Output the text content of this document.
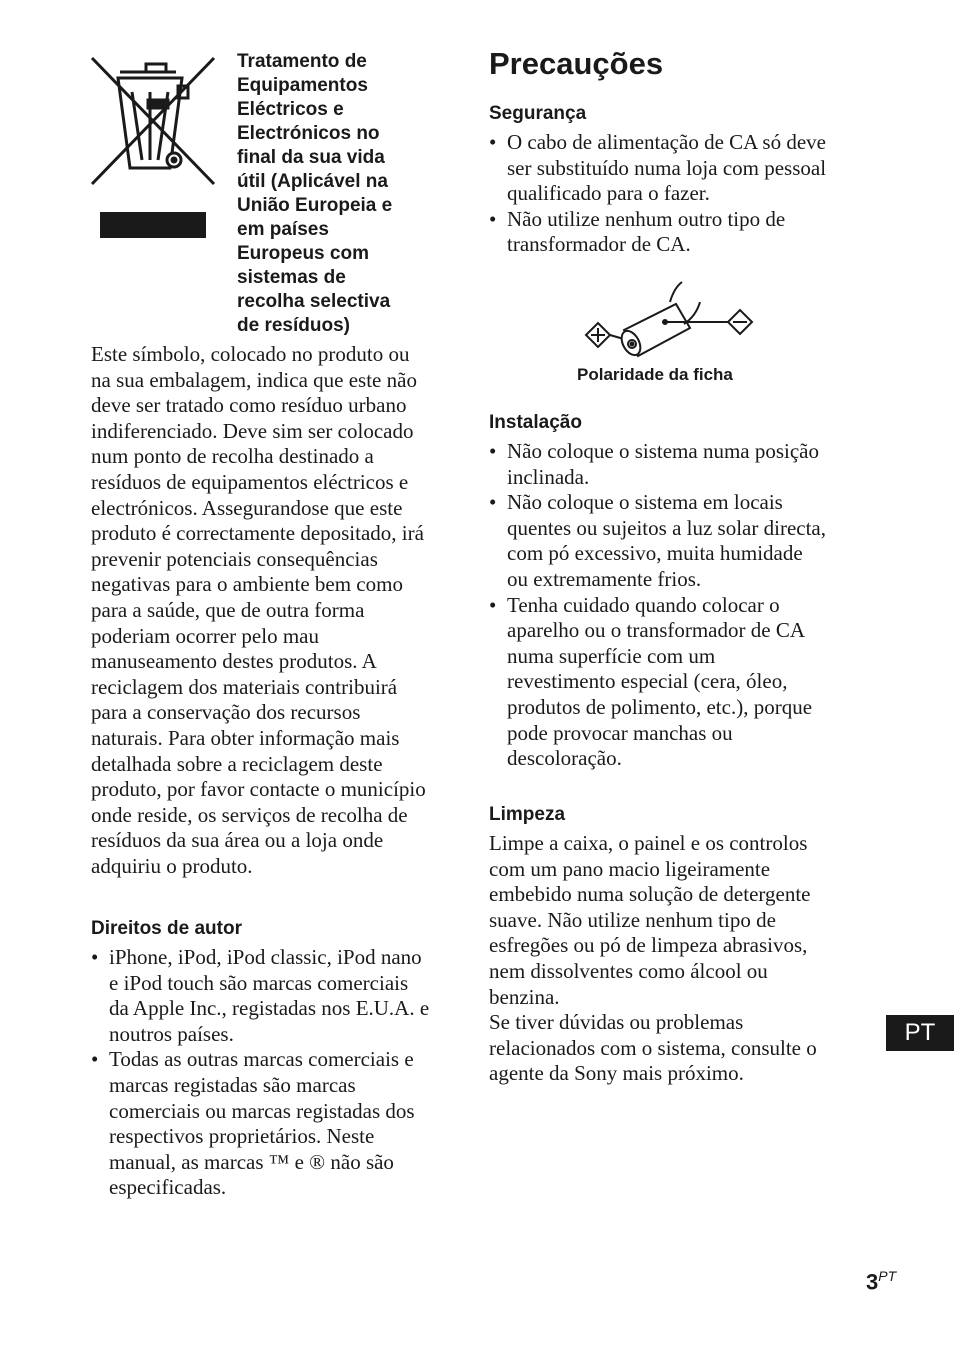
Tratamento de
Equipamentos
Eléctricos e
Electrónicos no
final da sua vida
útil (Aplicável na
União Europeia e
em países
Europeus com
sistemas de
recolha selectiva
de resíduos)

Este símbolo, colocado no produto ou
na sua embalagem, indica que este não
deve ser tratado como resíduo urbano
indiferenciado. Deve sim ser colocado
num ponto de recolha destinado a
resíduos de equipamentos eléctricos e
electrónicos. Assegurandose que este
produto é correctamente depositado, irá
prevenir potenciais consequências
negativas para o ambiente bem como
para a saúde, que de outra forma
poderiam ocorrer pelo mau
manuseamento destes produtos. A
reciclagem dos materiais contribuirá
para a conservação dos recursos
naturais. Para obter informação mais
detalhada sobre a reciclagem deste
produto, por favor contacte o município
onde reside, os serviços de recolha de
resíduos da sua área ou a loja onde
adquiriu o produto.

Direitos de autor
• iPhone, iPod, iPod classic, iPod nano
e iPod touch são marcas comerciais
da Apple Inc., registadas nos E.U.A. e
noutros países.
• Todas as outras marcas comerciais e
marcas registadas são marcas
comerciais ou marcas registadas dos
respectivos proprietários. Neste
manual, as marcas ™ e ® não são
especificadas.
Precauções
Segurança
• O cabo de alimentação de CA só deve
ser substituído numa loja com pessoal
qualificado para o fazer.
• Não utilize nenhum outro tipo de
transformador de CA.

Polaridade da ficha

Instalação
• Não coloque o sistema numa posição
inclinada.
• Não coloque o sistema em locais
quentes ou sujeitos a luz solar directa,
com pó excessivo, muita humidade
ou extremamente frios.
• Tenha cuidado quando colocar o
aparelho ou o transformador de CA
numa superfície com um
revestimento especial (cera, óleo,
produtos de polimento, etc.), porque
pode provocar manchas ou
descoloração.
Limpeza

Limpe a caixa, o painel e os controlos
com um pano macio ligeiramente
embebido numa solução de detergente
suave. Não utilize nenhum tipo de
esfregões ou pó de limpeza abrasivos,
nem dissolventes como álcool ou
benzina.
Se tiver dúvidas ou problemas
relacionados com o sistema, consulte o
agente da Sony mais próximo.

PT
$3^{PT}$
